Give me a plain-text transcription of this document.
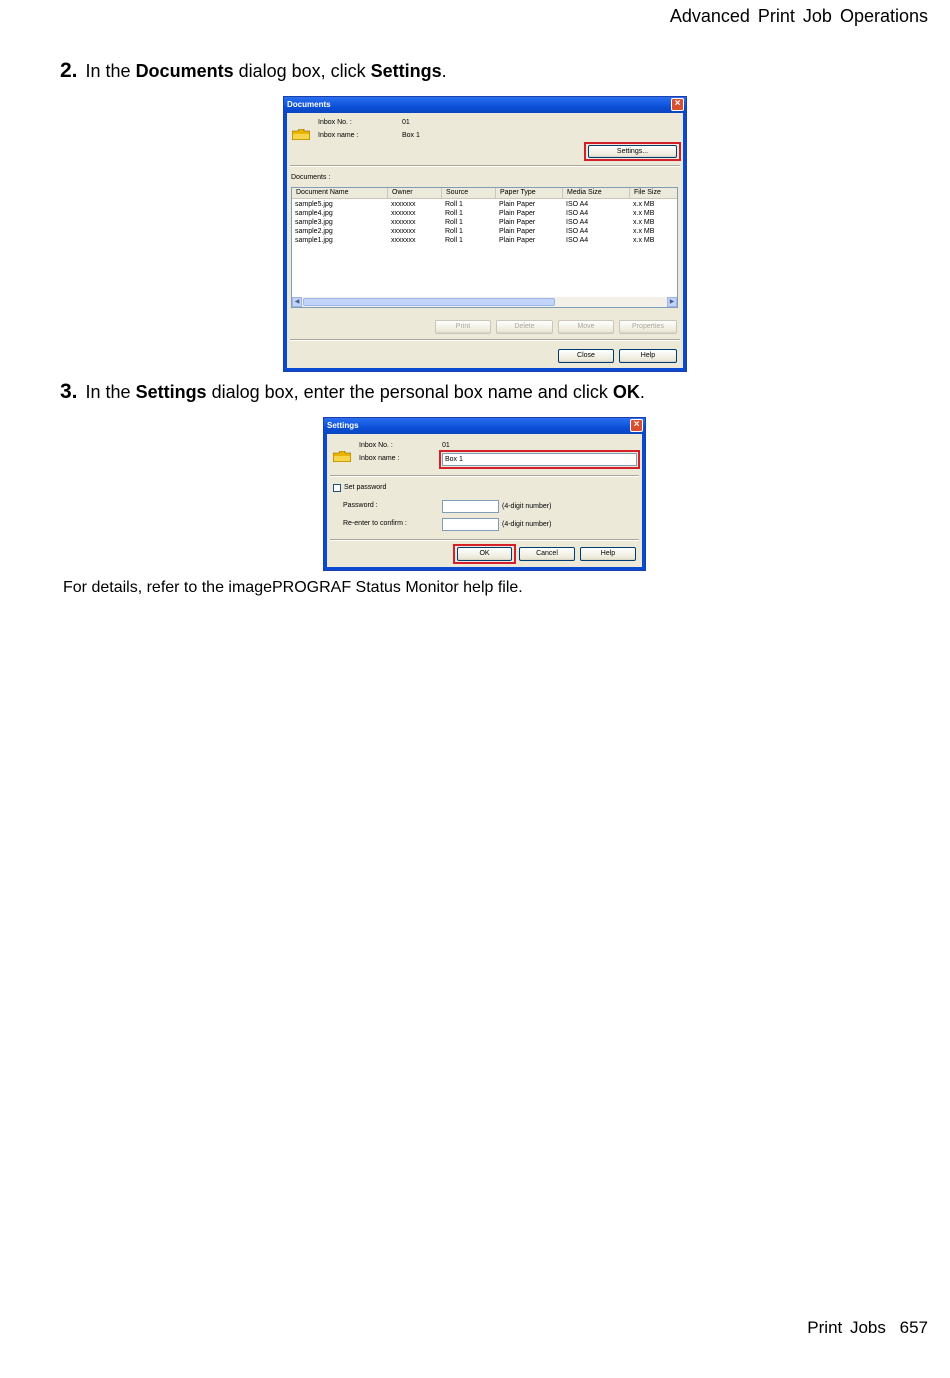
Advanced Print Job Operations
2. In the Documents dialog box, click Settings.
Documents	×
Inbox No. :	01
Inbox name :	Box 1
Settings...
Documents :
Document Name	Owner	Source	Paper Type	Media Size	File Size
sample5.jpg	xxxxxxx	Roll 1	Plain Paper	ISO A4	x.x MB
sample4.jpg	xxxxxxx	Roll 1	Plain Paper	ISO A4	x.x MB
sample3.jpg	xxxxxxx	Roll 1	Plain Paper	ISO A4	x.x MB
sample2.jpg	xxxxxxx	Roll 1	Plain Paper	ISO A4	x.x MB
sample1.jpg	xxxxxxx	Roll 1	Plain Paper	ISO A4	x.x MB
◀	▶
Print	Delete	Move	Properties
Close	Help
3. In the Settings dialog box, enter the personal box name and click OK.
Settings	×
Inbox No. :	01
Inbox name :	Box 1
Set password
Password :	(4-digit number)
Re-enter to confirm :	(4-digit number)
OK	Cancel	Help
For details, refer to the imagePROGRAF Status Monitor help file.
Print Jobs 657
